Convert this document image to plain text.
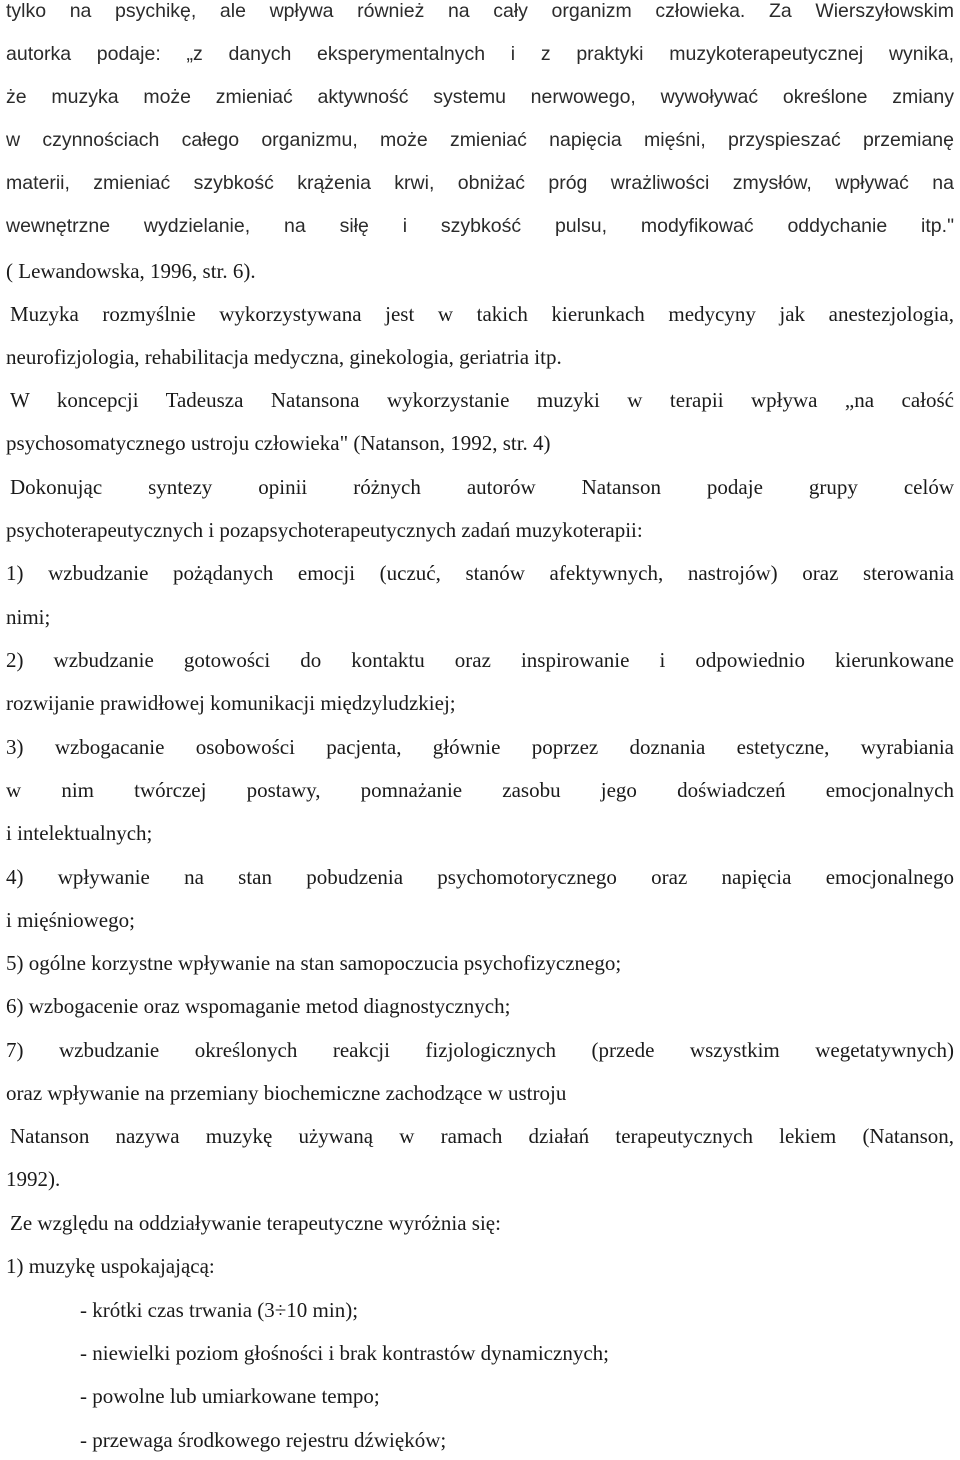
tylko na psychikę, ale wpływa również na cały organizm człowieka. Za Wierszyłowskim
autorka podaje: „z danych eksperymentalnych i z praktyki muzykoterapeutycznej wynika,
że muzyka może zmieniać aktywność systemu nerwowego, wywoływać określone zmiany
w czynnościach całego organizmu, może zmieniać napięcia mięśni, przyspieszać przemianę
materii, zmieniać szybkość krążenia krwi, obniżać próg wrażliwości zmysłów, wpływać na
wewnętrzne wydzielanie, na siłę i szybkość pulsu, modyfikować oddychanie itp."
( Lewandowska, 1996, str. 6).
Muzyka rozmyślnie wykorzystywana jest w takich kierunkach medycyny jak anestezjologia,
neurofizjologia, rehabilitacja medyczna, ginekologia, geriatria itp.
W koncepcji Tadeusza Natansona wykorzystanie muzyki w terapii wpływa „na całość
psychosomatycznego ustroju człowieka" (Natanson, 1992, str. 4)
Dokonując syntezy opinii różnych autorów Natanson podaje grupy celów
psychoterapeutycznych i pozapsychoterapeutycznych zadań muzykoterapii:
1) wzbudzanie pożądanych emocji (uczuć, stanów afektywnych, nastrojów) oraz sterowania
nimi;
2) wzbudzanie gotowości do kontaktu oraz inspirowanie i odpowiednio kierunkowane
rozwijanie prawidłowej komunikacji międzyludzkiej;
3) wzbogacanie osobowości pacjenta, głównie poprzez doznania estetyczne, wyrabiania
w nim twórczej postawy, pomnażanie zasobu jego doświadczeń emocjonalnych
i intelektualnych;
4) wpływanie na stan pobudzenia psychomotorycznego oraz napięcia emocjonalnego
i mięśniowego;
5) ogólne korzystne wpływanie na stan samopoczucia psychofizycznego;
6) wzbogacenie oraz wspomaganie metod diagnostycznych;
7) wzbudzanie określonych reakcji fizjologicznych (przede wszystkim wegetatywnych)
oraz wpływanie na przemiany biochemiczne zachodzące w ustroju
Natanson nazywa muzykę używaną w ramach działań terapeutycznych lekiem (Natanson,
1992).
Ze względu na oddziaływanie terapeutyczne wyróżnia się:
1) muzykę uspokajającą:
- krótki czas trwania (3÷10 min);
- niewielki poziom głośności i brak kontrastów dynamicznych;
- powolne lub umiarkowane tempo;
- przewaga środkowego rejestru dźwięków;
